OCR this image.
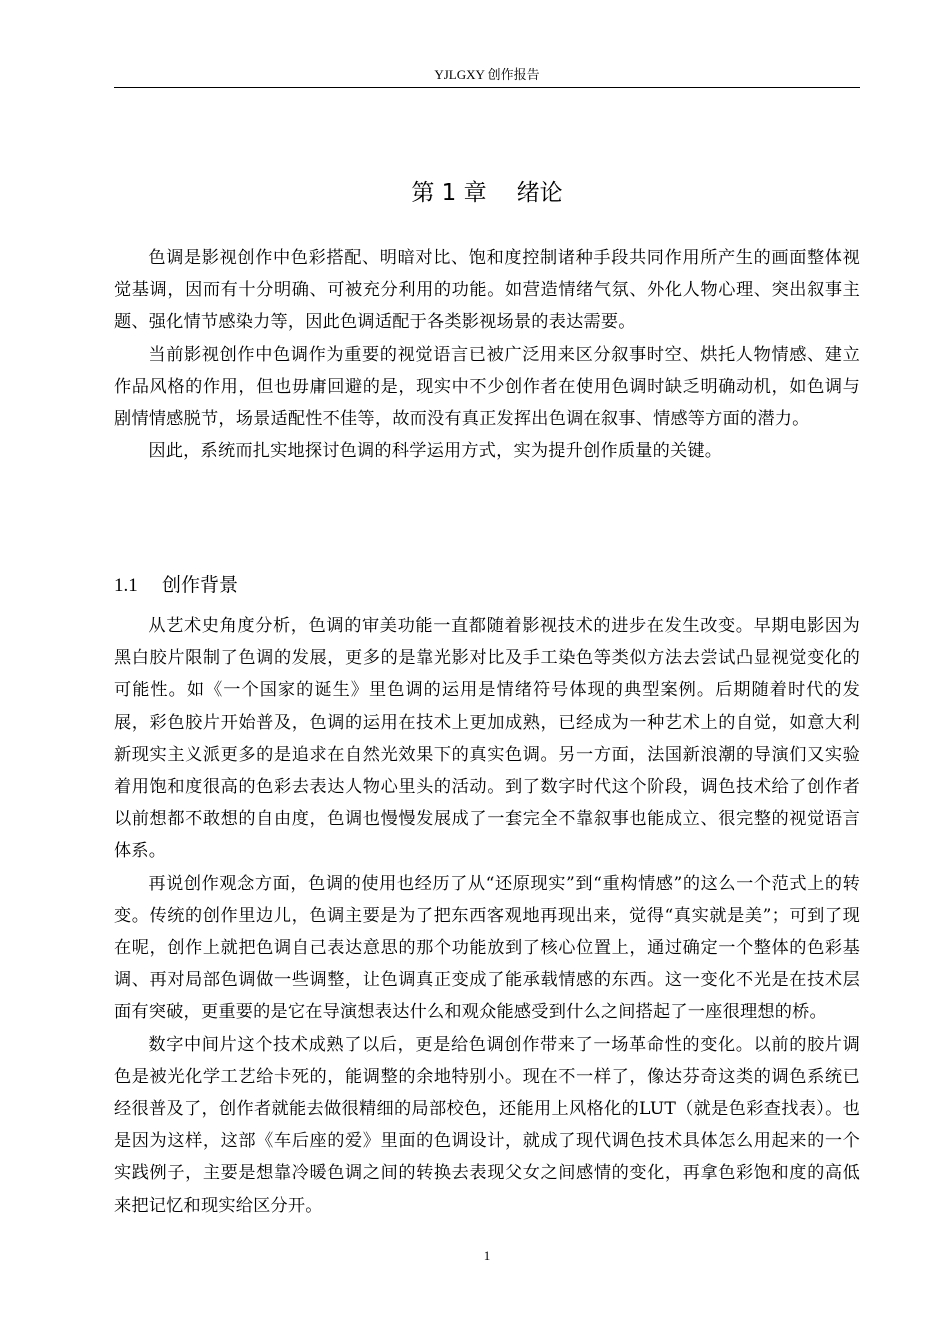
YJLGXY 创作报告
第 1 章 绪论

色调是影视创作中色彩搭配、明暗对比、饱和度控制诸种手段共同作用所产生的画面整体视觉基调，因而有十分明确、可被充分利用的功能。如营造情绪气氛、外化人物心理、突出叙事主题、强化情节感染力等，因此色调适配于各类影视场景的表达需要。

当前影视创作中色调作为重要的视觉语言已被广泛用来区分叙事时空、烘托人物情感、建立作品风格的作用，但也毋庸回避的是，现实中不少创作者在使用色调时缺乏明确动机，如色调与剧情情感脱节，场景适配性不佳等，故而没有真正发挥出色调在叙事、情感等方面的潜力。

因此，系统而扎实地探讨色调的科学运用方式，实为提升创作质量的关键。

1.1 创作背景

从艺术史角度分析，色调的审美功能一直都随着影视技术的进步在发生改变。早期电影因为黑白胶片限制了色调的发展，更多的是靠光影对比及手工染色等类似方法去尝试凸显视觉变化的可能性。如《一个国家的诞生》里色调的运用是情绪符号体现的典型案例。后期随着时代的发展，彩色胶片开始普及，色调的运用在技术上更加成熟，已经成为一种艺术上的自觉，如意大利新现实主义派更多的是追求在自然光效果下的真实色调。另一方面，法国新浪潮的导演们又实验着用饱和度很高的色彩去表达人物心里头的活动。到了数字时代这个阶段，调色技术给了创作者以前想都不敢想的自由度，色调也慢慢发展成了一套完全不靠叙事也能成立、很完整的视觉语言体系。

再说创作观念方面，色调的使用也经历了从“还原现实”到“重构情感”的这么一个范式上的转变。传统的创作里边儿，色调主要是为了把东西客观地再现出来，觉得“真实就是美”；可到了现在呢，创作上就把色调自己表达意思的那个功能放到了核心位置上，通过确定一个整体的色彩基调、再对局部色调做一些调整，让色调真正变成了能承载情感的东西。这一变化不光是在技术层面有突破，更重要的是它在导演想表达什么和观众能感受到什么之间搭起了一座很理想的桥。

数字中间片这个技术成熟了以后，更是给色调创作带来了一场革命性的变化。以前的胶片调色是被光化学工艺给卡死的，能调整的余地特别小。现在不一样了，像达芬奇这类的调色系统已经很普及了，创作者就能去做很精细的局部校色，还能用上风格化的LUT（就是色彩查找表）。也是因为这样，这部《车后座的爱》里面的色调设计，就成了现代调色技术具体怎么用起来的一个实践例子，主要是想靠冷暖色调之间的转换去表现父女之间感情的变化，再拿色彩饱和度的高低来把记忆和现实给区分开。

1
